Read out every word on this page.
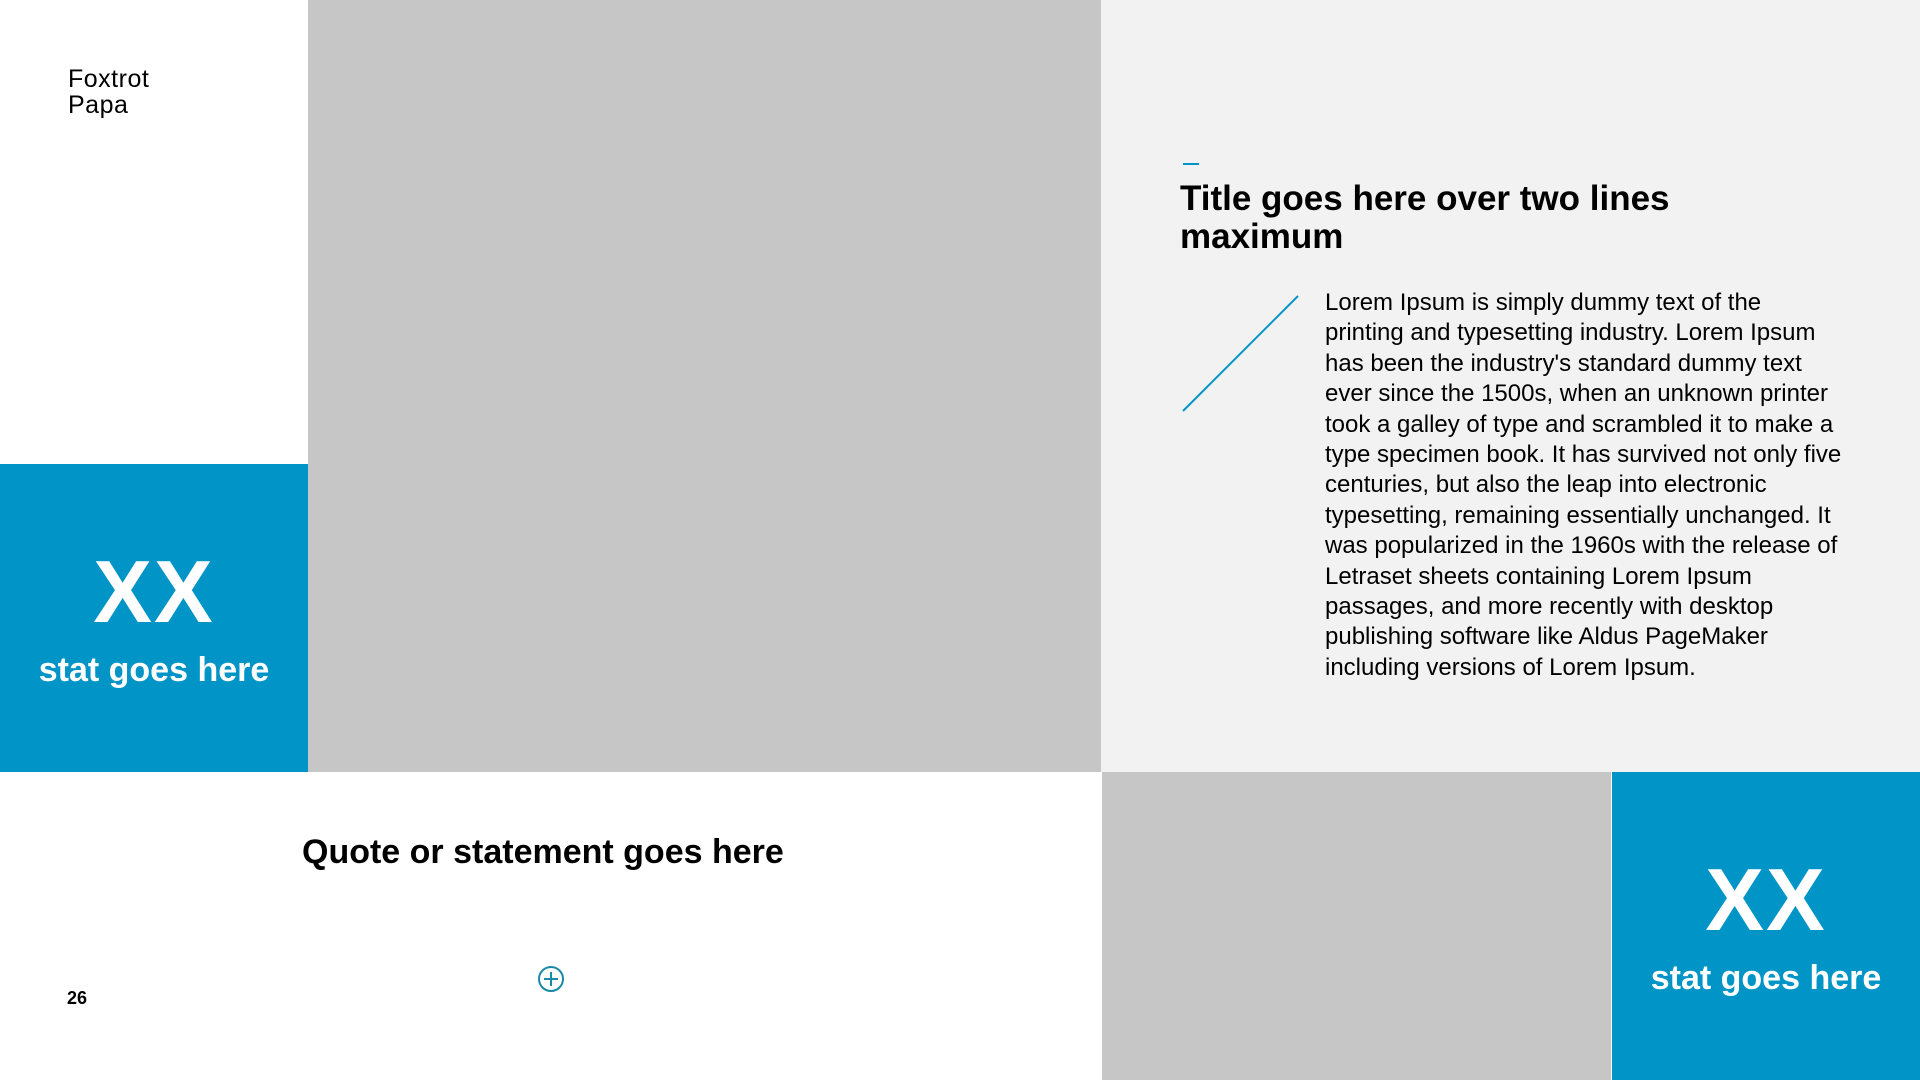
Foxtrot
Papa
XX
stat goes here
Title goes here over two lines maximum
Lorem Ipsum is simply dummy text of the printing and typesetting industry. Lorem Ipsum has been the industry's standard dummy text ever since the 1500s, when an unknown printer took a galley of type and scrambled it to make a type specimen book. It has survived not only five centuries, but also the leap into electronic typesetting, remaining essentially unchanged. It was popularized in the 1960s with the release of Letraset sheets containing Lorem Ipsum passages, and more recently with desktop publishing software like Aldus PageMaker including versions of Lorem Ipsum.
Quote or statement goes here
26
XX
stat goes here
